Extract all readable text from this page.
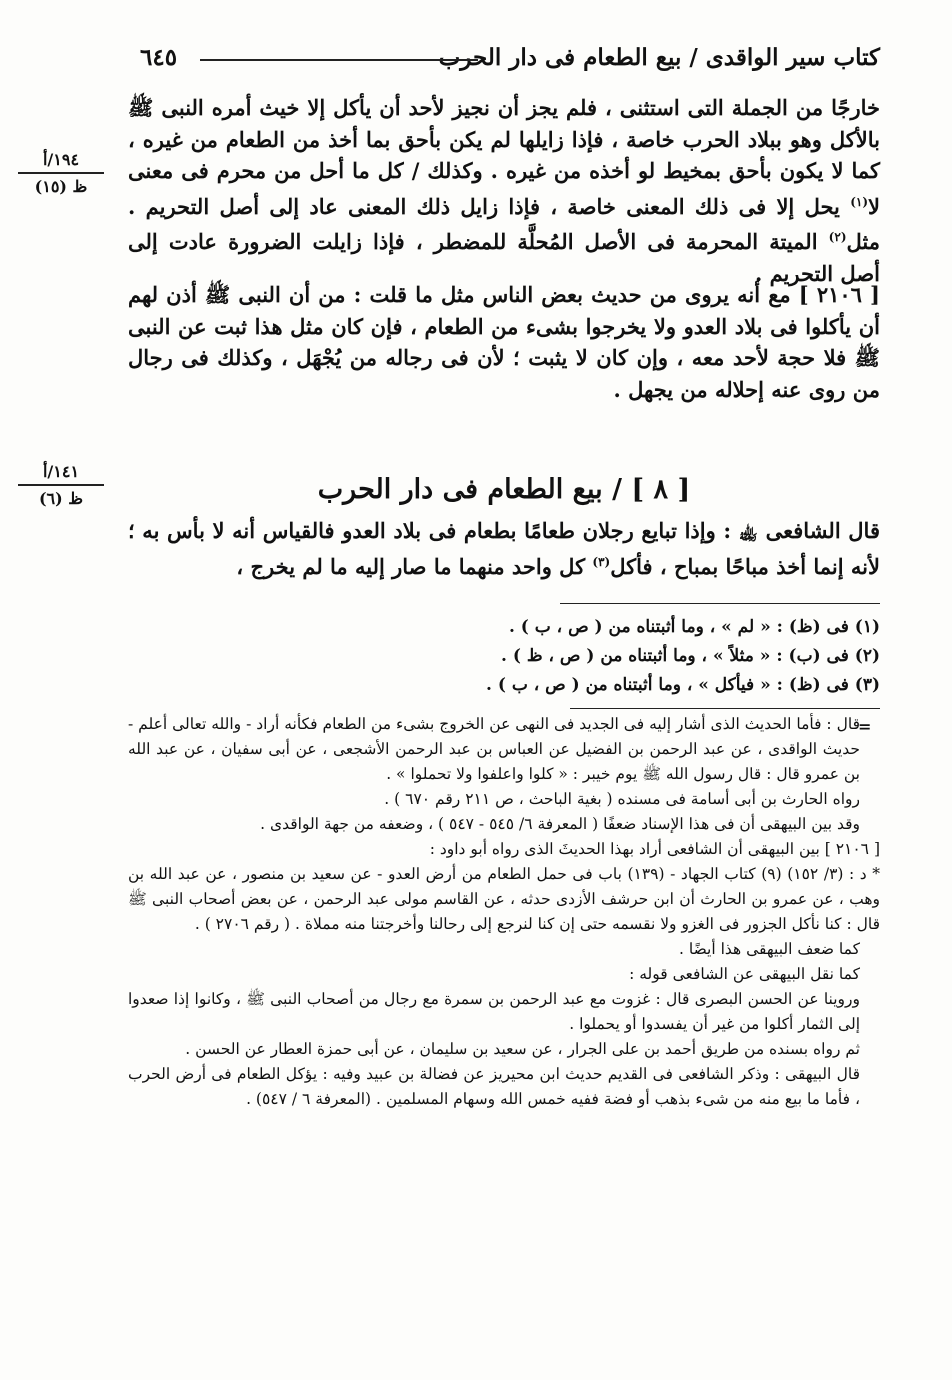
كتاب سير الواقدى / بيع الطعام فى دار الحرب
٦٤٥
١٩٤/أ
ظ (١٥)
١٤١/أ
ظ (٦)

خارجًا من الجملة التى استثنى ، فلم يجز أن نجيز لأحد أن يأكل إلا خيث أمره النبى ﷺ بالأكل وهو ببلاد الحرب خاصة ، فإذا زايلها لم يكن بأحق بما أخذ من الطعام من غيره ، كما لا يكون بأحق بمخيط لو أخذه من غيره . وكذلك / كل ما أحل من محرم فى معنى لا$^{(١)}$ يحل إلا فى ذلك المعنى خاصة ، فإذا زايل ذلك المعنى عاد إلى أصل التحريم . مثل$^{(٢)}$ الميتة المحرمة فى الأصل المُحلَّة للمضطر ، فإذا زايلت الضرورة عادت إلى أصل التحريم .

[ ٢١٠٦ ] مع أنه يروى من حديث بعض الناس مثل ما قلت : من أن النبى ﷺ أذن لهم أن يأكلوا فى بلاد العدو ولا يخرجوا بشىء من الطعام ، فإن كان مثل هذا ثبت عن النبى ﷺ فلا حجة لأحد معه ، وإن كان لا يثبت ؛ لأن فى رجاله من يُجْهَل ، وكذلك فى رجال من روى عنه إحلاله من يجهل .

[ ٨ ] / بيع الطعام فى دار الحرب

قال الشافعى ﵀ : وإذا تبايع رجلان طعامًا بطعام فى بلاد العدو فالقياس أنه لا بأس به ؛ لأنه إنما أخذ مباحًا بمباح ، فأكل$^{(٣)}$ كل واحد منهما ما صار إليه ما لم يخرج ،

(١) فى (ظ) : « لم » ، وما أثبتناه من ( ص ، ب ) .
(٢) فى (ب) : « مثلاً » ، وما أثبتناه من ( ص ، ظ ) .
(٣) فى (ظ) : « فيأكل » ، وما أثبتناه من ( ص ، ب ) .
=

قال : فأما الحديث الذى أشار إليه فى الجديد فى النهى عن الخروج بشىء من الطعام فكأنه أراد - والله تعالى أعلم - حديث الواقدى ، عن عبد الرحمن بن الفضيل عن العباس بن عبد الرحمن الأشجعى ، عن أبى سفيان ، عن عبد الله بن عمرو قال : قال رسول الله ﷺ يوم خيبر : « كلوا واعلفوا ولا تحملوا » .

رواه الحارث بن أبى أسامة فى مسنده ( بغية الباحث ، ص ٢١١ رقم ٦٧٠ ) .

وقد بين البيهقى أن فى هذا الإسناد ضعفًا ( المعرفة ٦/ ٥٤٥ - ٥٤٧ ) ، وضعفه من جهة الواقدى .

[ ٢١٠٦ ] بين البيهقى أن الشافعى أراد بهذا الحديثَ الذى رواه أبو داود :

* د : (٣/ ١٥٢) (٩) كتاب الجهاد - (١٣٩) باب فى حمل الطعام من أرض العدو - عن سعيد بن منصور ، عن عبد الله بن وهب ، عن عمرو بن الحارث أن ابن حرشف الأزدى حدثه ، عن القاسم مولى عبد الرحمن ، عن بعض أصحاب النبى ﷺ قال : كنا نأكل الجزور فى الغزو ولا نقسمه حتى إن كنا لنرجع إلى رحالنا وأخرجتنا منه مملاة . ( رقم ٢٧٠٦ ) .

كما ضعف البيهقى هذا أيضًا .

كما نقل البيهقى عن الشافعى قوله :

وروينا عن الحسن البصرى قال : غزوت مع عبد الرحمن بن سمرة مع رجال من أصحاب النبى ﷺ ، وكانوا إذا صعدوا إلى الثمار أكلوا من غير أن يفسدوا أو يحملوا .

ثم رواه بسنده من طريق أحمد بن على الجرار ، عن سعيد بن سليمان ، عن أبى حمزة العطار عن الحسن .

قال البيهقى : وذكر الشافعى فى القديم حديث ابن محيريز عن فضالة بن عبيد وفيه : يؤكل الطعام فى أرض الحرب ، فأما ما بيع منه من شىء بذهب أو فضة ففيه خمس الله وسهام المسلمين . (المعرفة ٦ / ٥٤٧) .
